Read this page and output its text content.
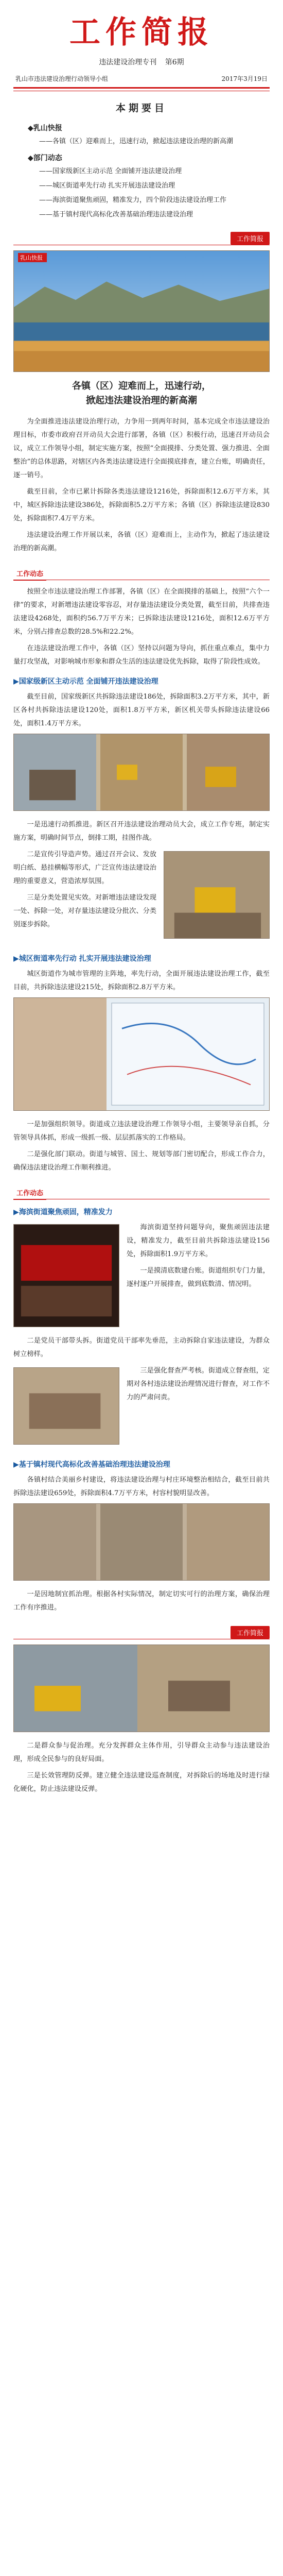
工作简报
违法建设治理专刊 第6期
乳山市违法建设治理行动领导小组	2017年3月19日
本期要目
◆乳山快报
——各镇（区）迎难而上，迅速行动，掀起违法建设治理的新高潮
◆部门动态
——国家级新区主动示范 全面铺开违法建设治理
——城区街道率先行动 扎实开展违法建设治理
——海滨街道聚焦顽固，精准发力，四个阶段违法建设治理工作
——基于镇村现代高标化改善基础治理违法建设治理
工作简报
乳山快报
各镇（区）迎难而上，迅速行动，
掀起违法建设治理的新高潮

为全面推进违法建设治理行动，力争用一到两年时间，基本完成全市违法建设治理目标，市委市政府召开动员大会进行部署，各镇（区）积极行动，迅速召开动员会议，成立工作领导小组，制定实施方案，按照“全面摸排、分类处置、强力推进、全面整治”的总体思路，对辖区内各类违法建设进行全面摸底排查，建立台账，明确责任，逐一销号。

截至目前，全市已累计拆除各类违法建设1216处，拆除面积12.6万平方米，其中，城区拆除违法建设386处，拆除面积5.2万平方米；各镇（区）拆除违法建设830处，拆除面积7.4万平方米。

违法建设治理工作开展以来，各镇（区）迎难而上，主动作为，掀起了违法建设治理的新高潮。

工作动态

按照全市违法建设治理工作部署，各镇（区）在全面摸排的基础上，按照“六个一律”的要求，对新增违法建设零容忍，对存量违法建设分类处置，截至目前，共排查违法建设4268处，面积约56.7万平方米；已拆除违法建设1216处，面积12.6万平方米，分别占排查总数的28.5%和22.2%。

在违法建设治理工作中，各镇（区）坚持以问题为导向，抓住重点难点，集中力量打攻坚战，对影响城市形象和群众生活的违法建设优先拆除，取得了阶段性成效。

▶国家级新区主动示范 全面铺开违法建设治理

截至目前，国家级新区共拆除违法建设186处，拆除面积3.2万平方米，其中，新区各村共拆除违法建设120处，面积1.8万平方米，新区机关带头拆除违法建设66处，面积1.4万平方米。

一是迅速行动抓推进。新区召开违法建设治理动员大会，成立工作专班，制定实施方案，明确时间节点，倒排工期，挂图作战。

二是宣传引导造声势。通过召开会议、发放明白纸、悬挂横幅等形式，广泛宣传违法建设治理的重要意义，营造浓厚氛围。

三是分类处置见实效。对新增违法建设发现一处、拆除一处，对存量违法建设分批次、分类别逐步拆除。

▶城区街道率先行动 扎实开展违法建设治理

城区街道作为城市管理的主阵地，率先行动，全面开展违法建设治理工作，截至目前，共拆除违法建设215处，拆除面积2.8万平方米。

一是加强组织领导。街道成立违法建设治理工作领导小组，主要领导亲自抓，分管领导具体抓，形成一级抓一级、层层抓落实的工作格局。

二是强化部门联动。街道与城管、国土、规划等部门密切配合，形成工作合力，确保违法建设治理工作顺利推进。

工作动态
▶海滨街道聚焦顽固，精准发力

海滨街道坚持问题导向，聚焦顽固违法建设，精准发力，截至目前共拆除违法建设156处，拆除面积1.9万平方米。

一是摸清底数建台账。街道组织专门力量，逐村逐户开展排查，做到底数清、情况明。

二是党员干部带头拆。街道党员干部率先垂范，主动拆除自家违法建设，为群众树立榜样。

三是强化督查严考核。街道成立督查组，定期对各村违法建设治理情况进行督查，对工作不力的严肃问责。

▶基于镇村现代高标化改善基础治理违法建设治理

各镇村结合美丽乡村建设，将违法建设治理与村庄环境整治相结合，截至目前共拆除违法建设659处，拆除面积4.7万平方米，村容村貌明显改善。

一是因地制宜抓治理。根据各村实际情况，制定切实可行的治理方案，确保治理工作有序推进。

工作简报

二是群众参与促治理。充分发挥群众主体作用，引导群众主动参与违法建设治理，形成全民参与的良好局面。

三是长效管理防反弹。建立健全违法建设巡查制度，对拆除后的场地及时进行绿化硬化，防止违法建设反弹。
